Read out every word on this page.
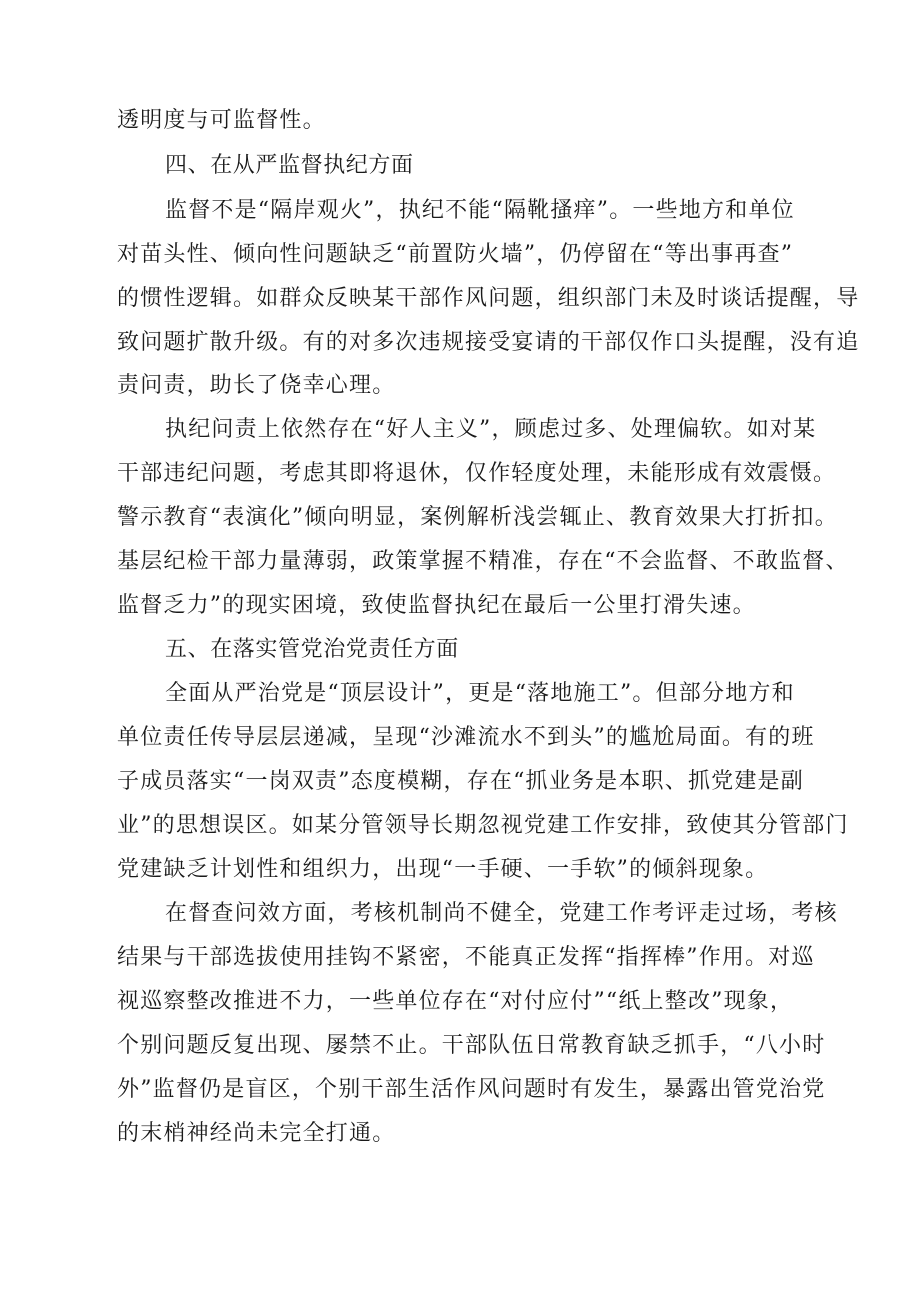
透明度与可监督性。
四、在从严监督执纪方面
监督不是“隔岸观火”，执纪不能“隔靴搔痒”。一些地方和单位
对苗头性、倾向性问题缺乏“前置防火墙”，仍停留在“等出事再查”
的惯性逻辑。如群众反映某干部作风问题，组织部门未及时谈话提醒，导
致问题扩散升级。有的对多次违规接受宴请的干部仅作口头提醒，没有追
责问责，助长了侥幸心理。
执纪问责上依然存在“好人主义”，顾虑过多、处理偏软。如对某
干部违纪问题，考虑其即将退休，仅作轻度处理，未能形成有效震慑。
警示教育“表演化”倾向明显，案例解析浅尝辄止、教育效果大打折扣。
基层纪检干部力量薄弱，政策掌握不精准，存在“不会监督、不敢监督、
监督乏力”的现实困境，致使监督执纪在最后一公里打滑失速。
五、在落实管党治党责任方面
全面从严治党是“顶层设计”，更是“落地施工”。但部分地方和
单位责任传导层层递减，呈现“沙滩流水不到头”的尴尬局面。有的班
子成员落实“一岗双责”态度模糊，存在“抓业务是本职、抓党建是副
业”的思想误区。如某分管领导长期忽视党建工作安排，致使其分管部门
党建缺乏计划性和组织力，出现“一手硬、一手软”的倾斜现象。
在督查问效方面，考核机制尚不健全，党建工作考评走过场，考核
结果与干部选拔使用挂钩不紧密，不能真正发挥“指挥棒”作用。对巡
视巡察整改推进不力，一些单位存在“对付应付”“纸上整改”现象，
个别问题反复出现、屡禁不止。干部队伍日常教育缺乏抓手，“八小时
外”监督仍是盲区，个别干部生活作风问题时有发生，暴露出管党治党
的末梢神经尚未完全打通。
